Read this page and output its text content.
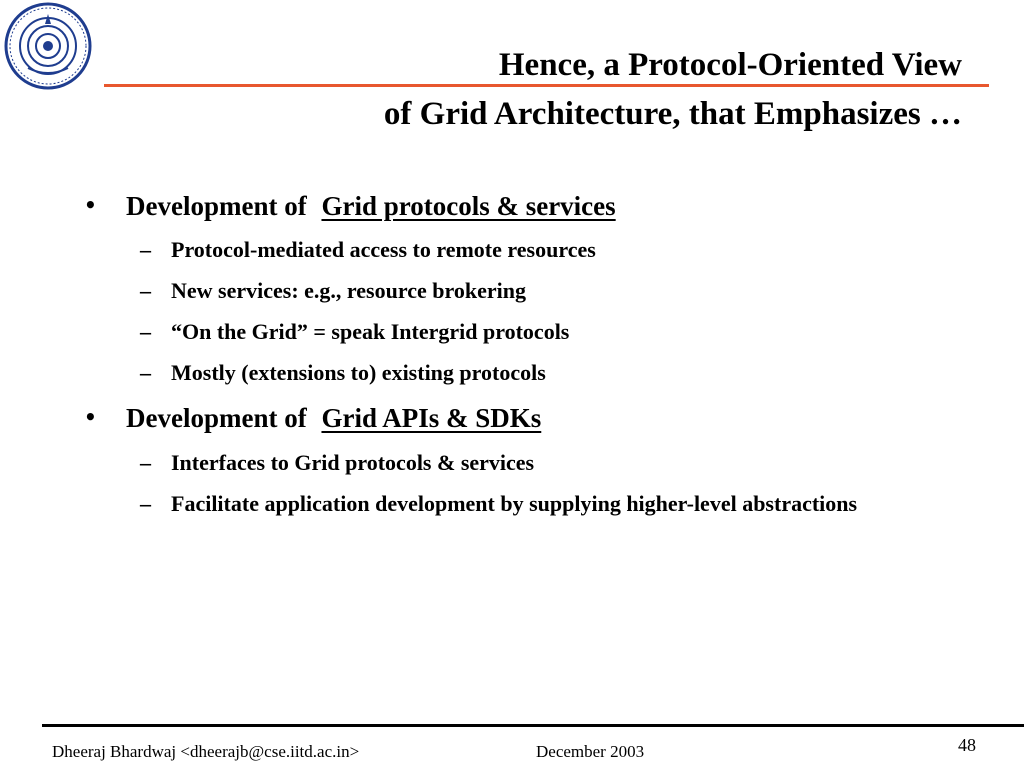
Hence, a Protocol-Oriented View
of Grid Architecture, that Emphasizes …
• Development of Grid protocols & services
– Protocol-mediated access to remote resources
– New services: e.g., resource brokering
– “On the Grid” = speak Intergrid protocols
– Mostly (extensions to) existing protocols
• Development of Grid APIs & SDKs
– Interfaces to Grid protocols & services
– Facilitate application development by supplying higher-level abstractions
Dheeraj Bhardwaj <dheerajb@cse.iitd.ac.in>	December 2003	48
